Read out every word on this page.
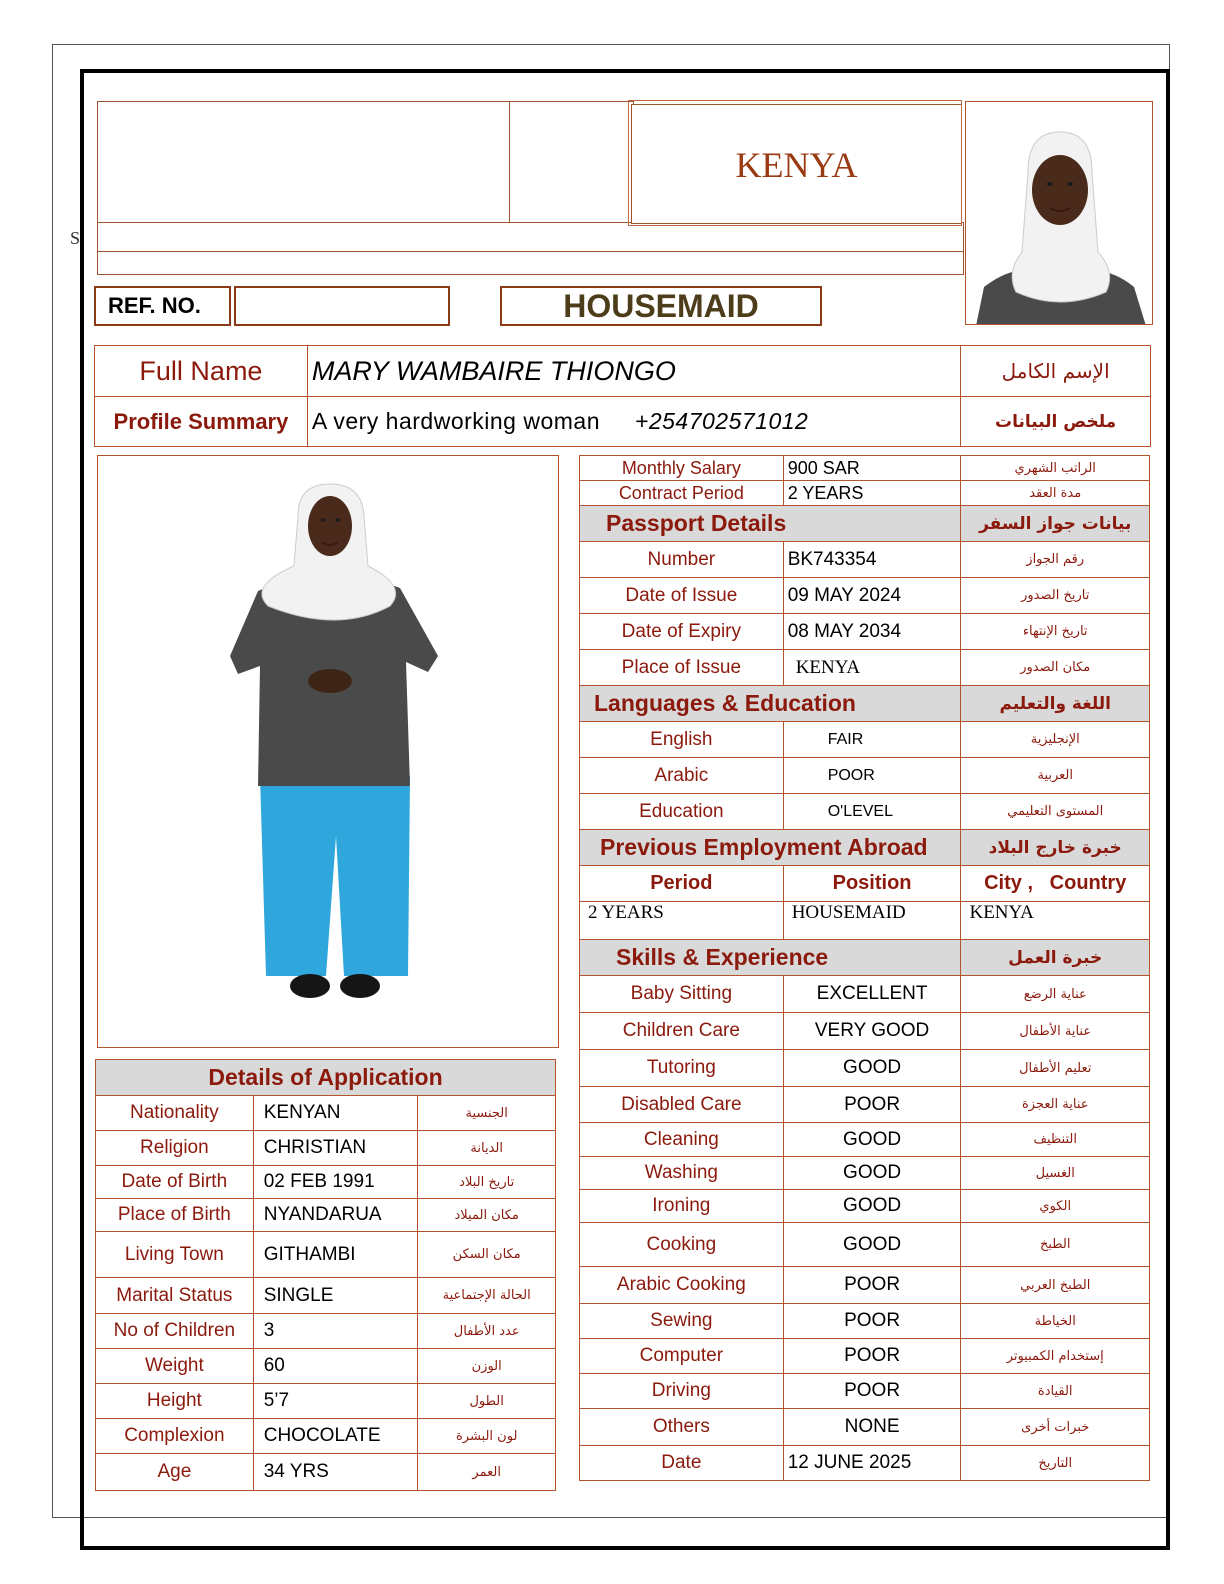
S
KENYA
REF. NO.	HOUSEMAID
Full Name	MARY WAMBAIRE THIONGO	الإسم الكامل
Profile Summary	A very hardworking woman +254702571012	ملخص البيانات
Monthly Salary	900 SAR	الراتب الشهري
Contract Period	2 YEARS	مدة العقد
Passport Details		بيانات جواز السفر
Number	BK743354	رقم الجواز
Date of Issue	09 MAY 2024	تاريخ الصدور
Date of Expiry	08 MAY 2034	تاريخ الإنتهاء
Place of Issue	KENYA	مكان الصدور
Languages & Education		اللغة والتعليم
English	FAIR	الإنجليزية
Arabic	POOR	العربية
Education	O'LEVEL	المستوى التعليمي
Previous Employment Abroad		خبرة خارج البلاد
Period	Position	City ,   Country
2 YEARS	HOUSEMAID	KENYA
Skills & Experience		خبرة العمل
Baby Sitting	EXCELLENT	عناية الرضع
Children Care	VERY GOOD	عناية الأطفال
Tutoring	GOOD	تعليم الأطفال
Disabled Care	POOR	عناية العجزة
Cleaning	GOOD	التنظيف
Washing	GOOD	الغسيل
Ironing	GOOD	الكوي
Cooking	GOOD	الطبخ
Arabic Cooking	POOR	الطبخ العربي
Sewing	POOR	الخياطة
Computer	POOR	إستخدام الكمبيوتر
Driving	POOR	القيادة
Others	NONE	خبرات أخرى
Date	12 JUNE 2025	التاريخ
Details of Application		
Nationality	KENYAN	الجنسية
Religion	CHRISTIAN	الديانة
Date of Birth	02 FEB 1991	تاريخ البلاد
Place of Birth	NYANDARUA	مكان الميلاد
Living Town	GITHAMBI	مكان السكن
Marital Status	SINGLE	الحالة الإجتماعية
No of Children	3	عدد الأطفال
Weight	60	الوزن
Height	5’7	الطول
Complexion	CHOCOLATE	لون البشرة
Age	34 YRS	العمر
